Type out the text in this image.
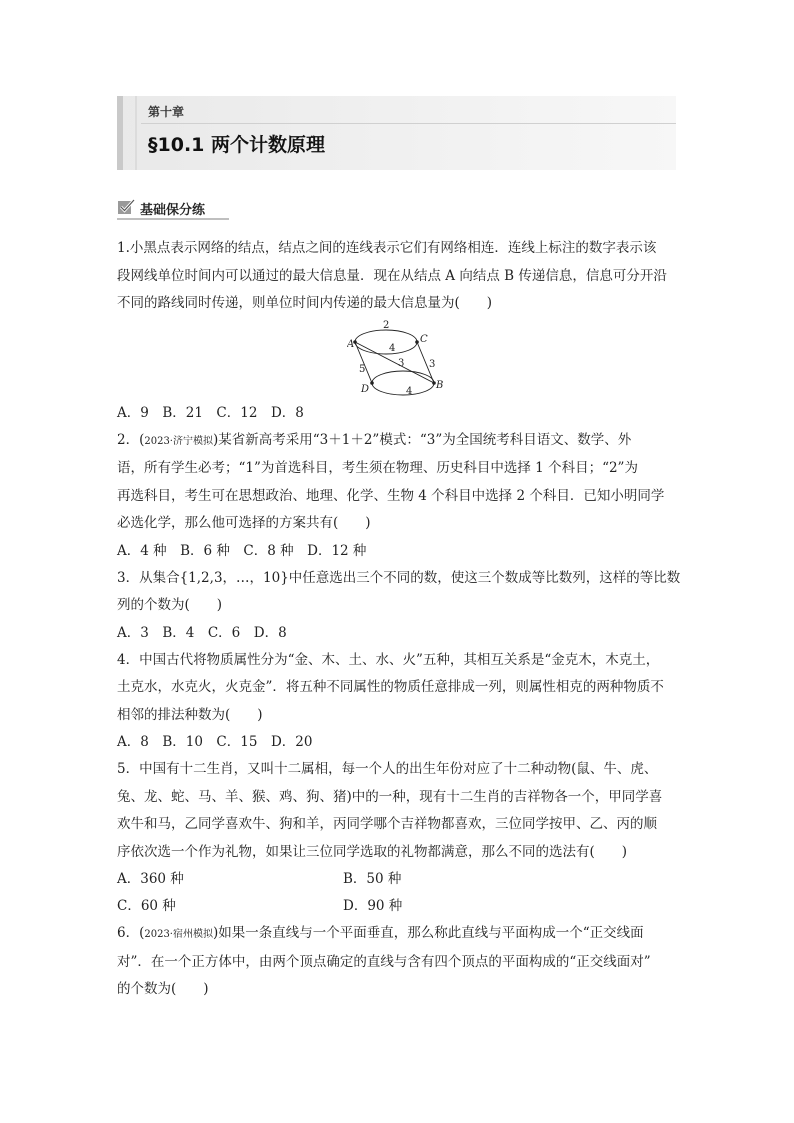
第十章
§10.1 两个计数原理
基础保分练

1.小黑点表示网络的结点，结点之间的连线表示它们有网络相连．连线上标注的数字表示该

段网线单位时间内可以通过的最大信息量．现在从结点 A 向结点 B 传递信息，信息可分开沿

不同的路线同时传递，则单位时间内传递的最大信息量为(　　)

A	C
D	B
2
4
5
3 3
4

A．9　B．21　C．12　D．8

2．(2023·济宁模拟)某省新高考采用“3＋1＋2”模式：“3”为全国统考科目语文、数学、外

语，所有学生必考；“1”为首选科目，考生须在物理、历史科目中选择 1 个科目；“2”为

再选科目，考生可在思想政治、地理、化学、生物 4 个科目中选择 2 个科目．已知小明同学

必选化学，那么他可选择的方案共有(　　)

A．4 种　B．6 种　C．8 种　D．12 种

3．从集合{1,2,3，…，10}中任意选出三个不同的数，使这三个数成等比数列，这样的等比数

列的个数为(　　)

A．3　B．4　C．6　D．8

4．中国古代将物质属性分为“金、木、土、水、火”五种，其相互关系是“金克木，木克土，

土克水，水克火，火克金”．将五种不同属性的物质任意排成一列，则属性相克的两种物质不

相邻的排法种数为(　　)

A．8　B．10　C．15　D．20

5．中国有十二生肖，又叫十二属相，每一个人的出生年份对应了十二种动物(鼠、牛、虎、

兔、龙、蛇、马、羊、猴、鸡、狗、猪)中的一种，现有十二生肖的吉祥物各一个，甲同学喜

欢牛和马，乙同学喜欢牛、狗和羊，丙同学哪个吉祥物都喜欢，三位同学按甲、乙、丙的顺

序依次选一个作为礼物，如果让三位同学选取的礼物都满意，那么不同的选法有(　　)

A．360 种	B．50 种
C．60 种	D．90 种

6．(2023·宿州模拟)如果一条直线与一个平面垂直，那么称此直线与平面构成一个“正交线面

对”．在一个正方体中，由两个顶点确定的直线与含有四个顶点的平面构成的“正交线面对”

的个数为(　　)
